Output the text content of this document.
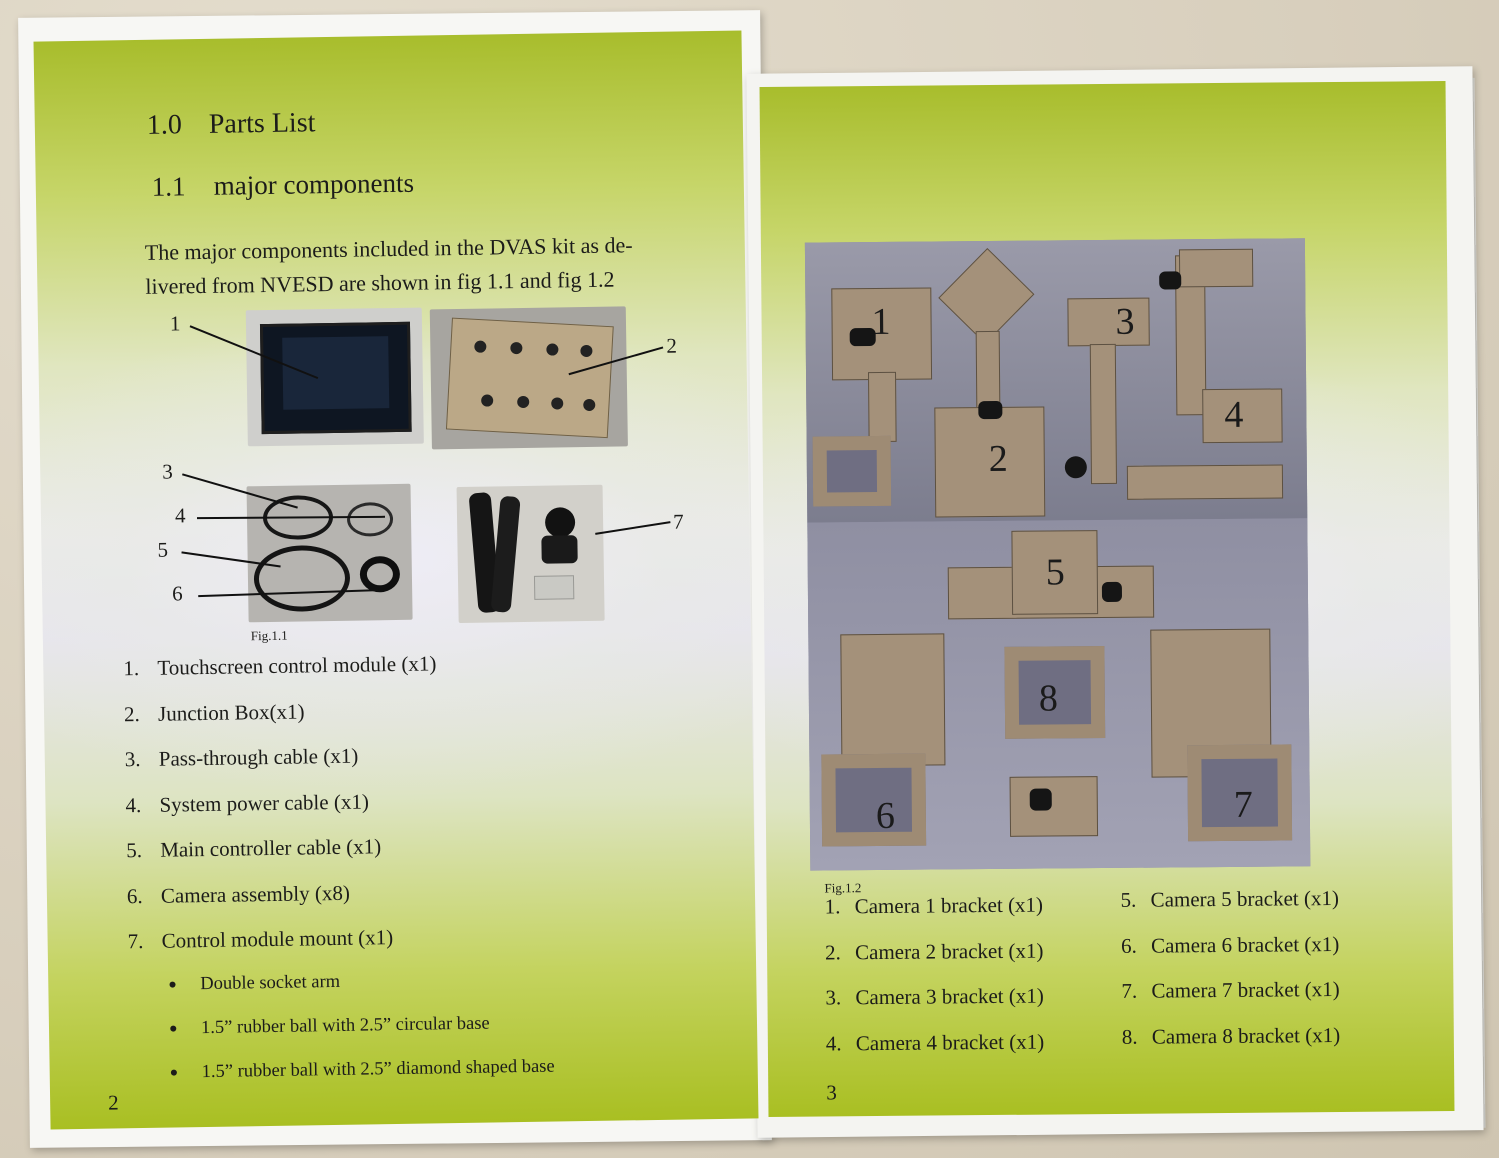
1.0 Parts List
1.1 major components
The major components included in the DVAS kit as de-
livered from NVESD are shown in fig 1.1 and fig 1.2
1
2
3
4
5
6
7
Fig.1.1
1. Touchscreen control module (x1)
2. Junction Box(x1)
3. Pass-through cable (x1)
4. System power cable (x1)
5. Main controller cable (x1)
6. Camera assembly (x8)
7. Control module mount (x1)
●	Double socket arm
●	1.5” rubber ball with 2.5” circular base
●	1.5” rubber ball with 2.5” diamond shaped base
2
1
2
3
4
5
6
8
7
Fig.1.2
1. Camera 1 bracket (x1)
2. Camera 2 bracket (x1)
3. Camera 3 bracket (x1)
4. Camera 4 bracket (x1)
5. Camera 5 bracket (x1)
6. Camera 6 bracket (x1)
7. Camera 7 bracket (x1)
8. Camera 8 bracket (x1)
3
